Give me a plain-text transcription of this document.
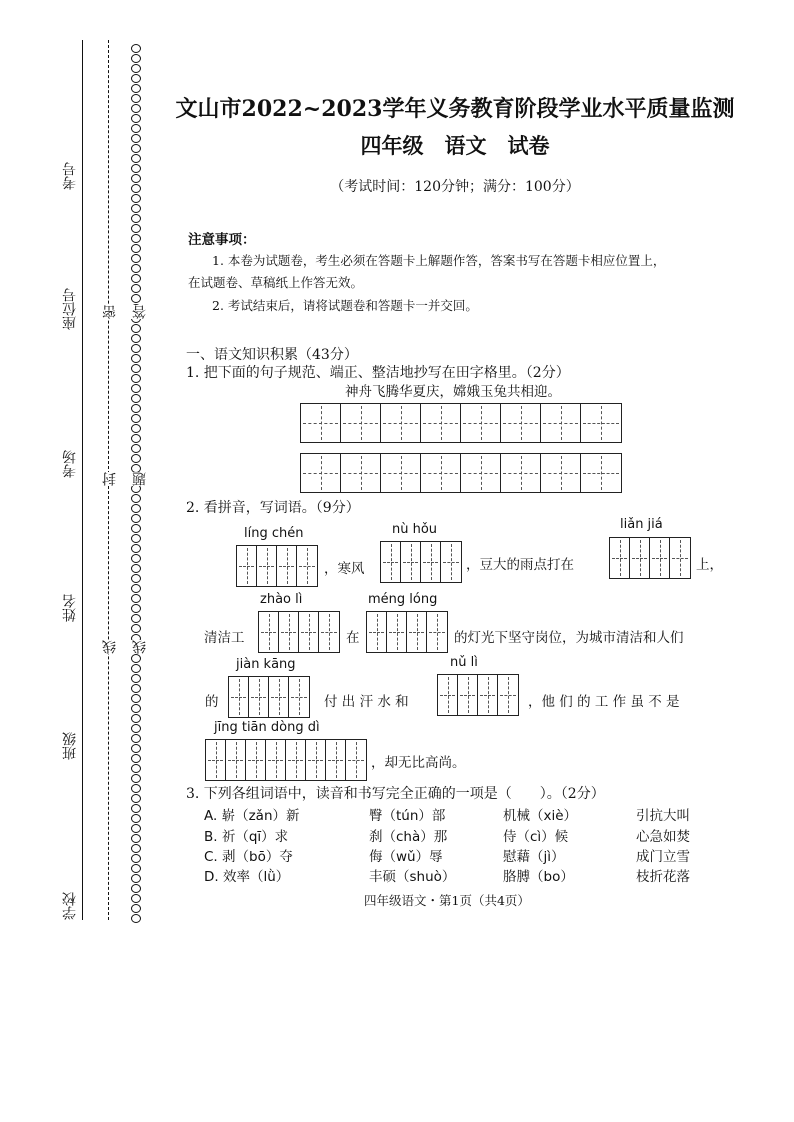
学校
班级
姓名
考场
座位号
考号
线
封
密
线
题
答
文山市2022~2023学年义务教育阶段学业水平质量监测
四年级　语文　试卷
（考试时间：120分钟；满分：100分）
注意事项：
1. 本卷为试题卷，考生必须在答题卡上解题作答，答案书写在答题卡相应位置上，
在试题卷、草稿纸上作答无效。
2. 考试结束后，请将试题卷和答题卡一并交回。
一、语文知识积累（43分）
1. 把下面的句子规范、端正、整洁地抄写在田字格里。（2分）
神舟飞腾华夏庆，嫦娥玉兔共相迎。
2. 看拼音，写词语。（9分）
líng chén
，寒风
nù hǒu
，豆大的雨点打在
liǎn jiá
上，
清洁工
zhào lì
在
méng lóng
的灯光下坚守岗位，为城市清洁和人们
的
jiàn kāng
付 出 汗 水 和
nǔ lì
，他 们 的 工 作 虽 不 是
jīng tiān dòng dì
，却无比高尚。
3. 下列各组词语中，读音和书写完全正确的一项是（　　）。（2分）
A. 崭（zǎn）新	臀（tún）部	机械（xiè）	引抗大叫
B. 祈（qī）求	刹（chà）那	侍（cì）候	心急如焚
C. 剥（bō）夺	侮（wǔ）辱	慰藉（jì）	成门立雪
D. 效率（lǜ）	丰硕（shuò）	胳膊（bo）	枝折花落
四年级语文・第1页（共4页）
